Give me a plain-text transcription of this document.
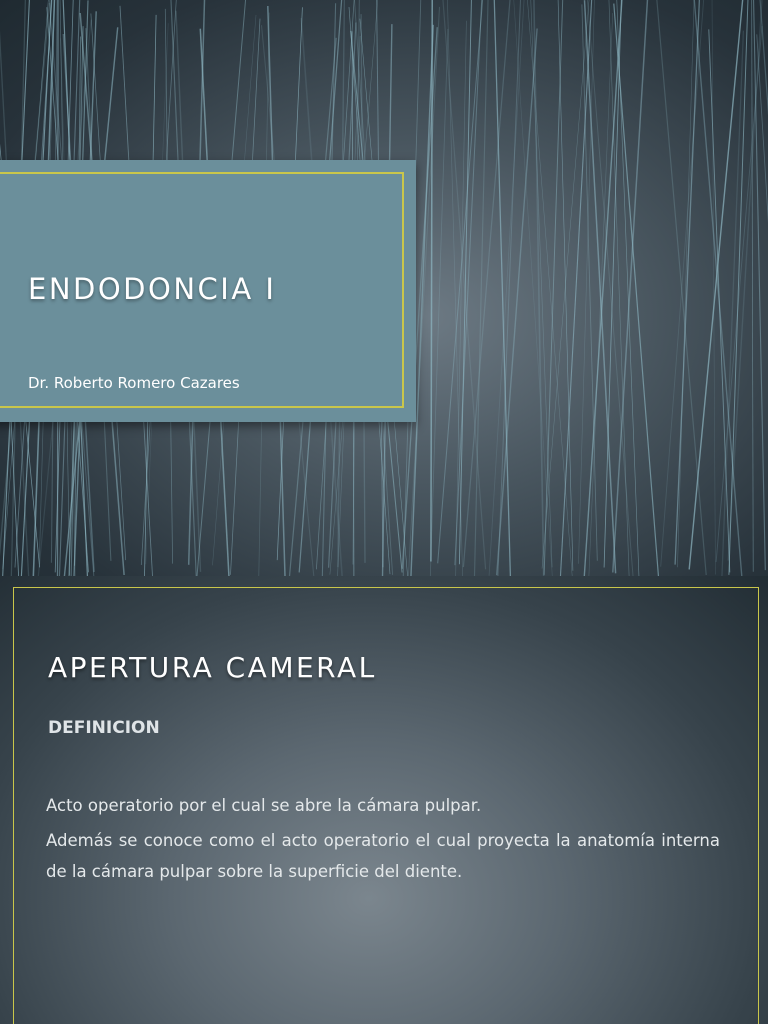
ENDODONCIA I

Dr. Roberto Romero Cazares

APERTURA CAMERAL

DEFINICION

Acto operatorio por el cual se abre la cámara pulpar.

Además se conoce como el acto operatorio el cual proyecta la anatomía interna de la cámara pulpar sobre la superficie del diente.
